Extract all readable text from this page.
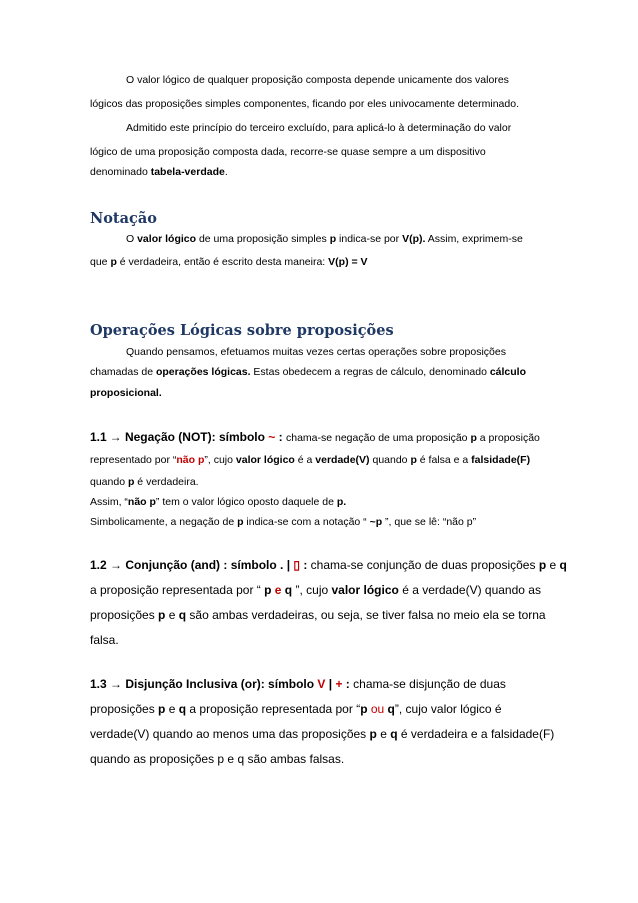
O valor lógico de qualquer proposição composta depende unicamente dos valores
lógicos das proposições simples componentes, ficando por eles univocamente determinado.
Admitido este princípio do terceiro excluído, para aplicá-lo à determinação do valor
lógico de uma proposição composta dada, recorre-se quase sempre a um dispositivo
denominado tabela-verdade.
Notação
O valor lógico de uma proposição simples p indica-se por V(p). Assim, exprimem-se
que p é verdadeira, então é escrito desta maneira: V(p) = V
Operações Lógicas sobre proposições
Quando pensamos, efetuamos muitas vezes certas operações sobre proposições
chamadas de operações lógicas. Estas obedecem a regras de cálculo, denominado cálculo
proposicional.
1.1 → Negação (NOT): símbolo ~ : chama-se negação de uma proposição p a proposição
representado por “não p”, cujo valor lógico é a verdade(V) quando p é falsa e a falsidade(F)
quando p é verdadeira.
Assim, “não p” tem o valor lógico oposto daquele de p.
Simbolicamente, a negação de p indica-se com a notação “ ~p ”, que se lê: “não p”
1.2 → Conjunção (and) : símbolo . | ▯ : chama-se conjunção de duas proposições p e q
a proposição representada por “ p e q ”, cujo valor lógico é a verdade(V) quando as
proposições p e q são ambas verdadeiras, ou seja, se tiver falsa no meio ela se torna
falsa.
1.3 → Disjunção Inclusiva (or): símbolo V | + : chama-se disjunção de duas
proposições p e q a proposição representada por “p ou q”, cujo valor lógico é
verdade(V) quando ao menos uma das proposições p e q é verdadeira e a falsidade(F)
quando as proposições p e q são ambas falsas.
